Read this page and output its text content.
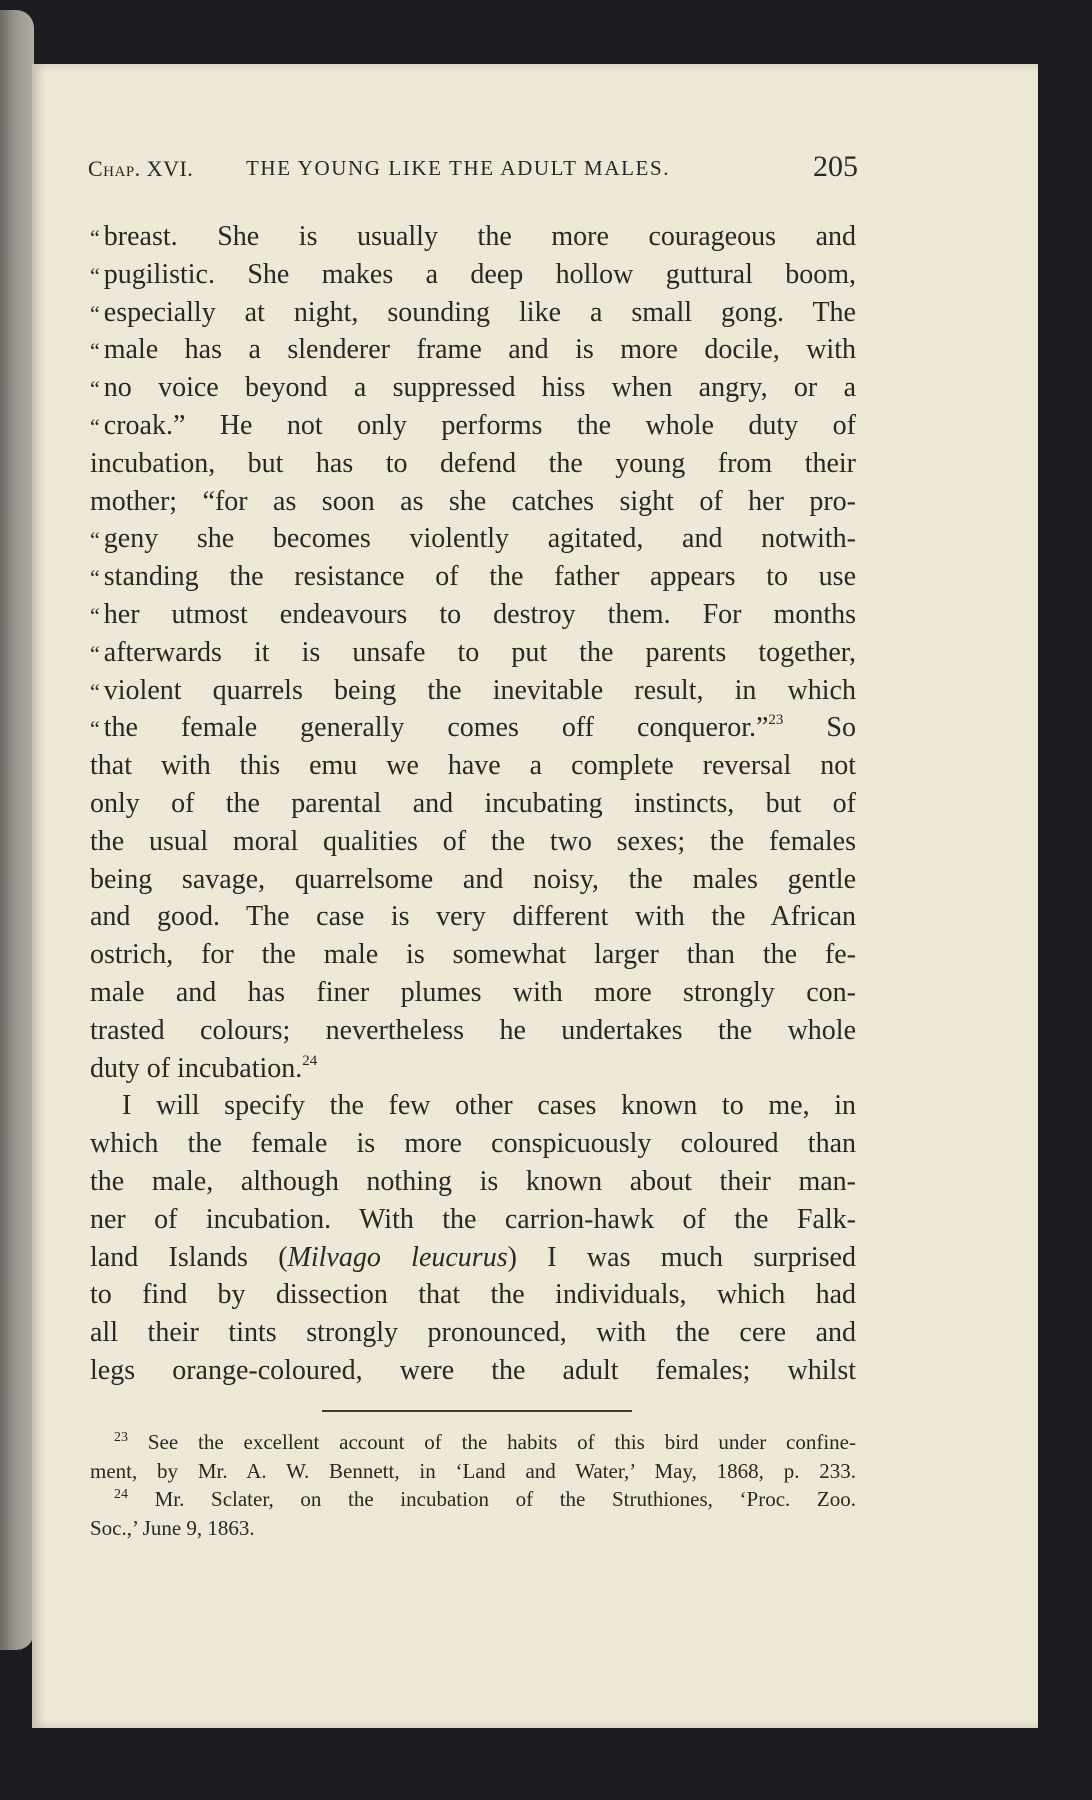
Chap. XVI.	THE YOUNG LIKE THE ADULT MALES.	205
“ breast. She is usually the more courageous and
“ pugilistic. She makes a deep hollow guttural boom,
“ especially at night, sounding like a small gong. The
“ male has a slenderer frame and is more docile, with
“ no voice beyond a suppressed hiss when angry, or a
“ croak.” He not only performs the whole duty of
incubation, but has to defend the young from their
mother; “for as soon as she catches sight of her pro-
“ geny she becomes violently agitated, and notwith-
“ standing the resistance of the father appears to use
“ her utmost endeavours to destroy them. For months
“ afterwards it is unsafe to put the parents together,
“ violent quarrels being the inevitable result, in which
“ the female generally comes off conqueror.”$^{23}$ So
that with this emu we have a complete reversal not
only of the parental and incubating instincts, but of
the usual moral qualities of the two sexes; the females
being savage, quarrelsome and noisy, the males gentle
and good. The case is very different with the African
ostrich, for the male is somewhat larger than the fe-
male and has finer plumes with more strongly con-
trasted colours; nevertheless he undertakes the whole
duty of incubation.$^{24}$
I will specify the few other cases known to me, in
which the female is more conspicuously coloured than
the male, although nothing is known about their man-
ner of incubation. With the carrion-hawk of the Falk-
land Islands (Milvago leucurus) I was much surprised
to find by dissection that the individuals, which had
all their tints strongly pronounced, with the cere and
legs orange-coloured, were the adult females; whilst
$^{23}$ See the excellent account of the habits of this bird under confine-
ment, by Mr. A. W. Bennett, in ‘Land and Water,’ May, 1868, p. 233.
$^{24}$ Mr. Sclater, on the incubation of the Struthiones, ‘Proc. Zoo.
Soc.,’ June 9, 1863.
